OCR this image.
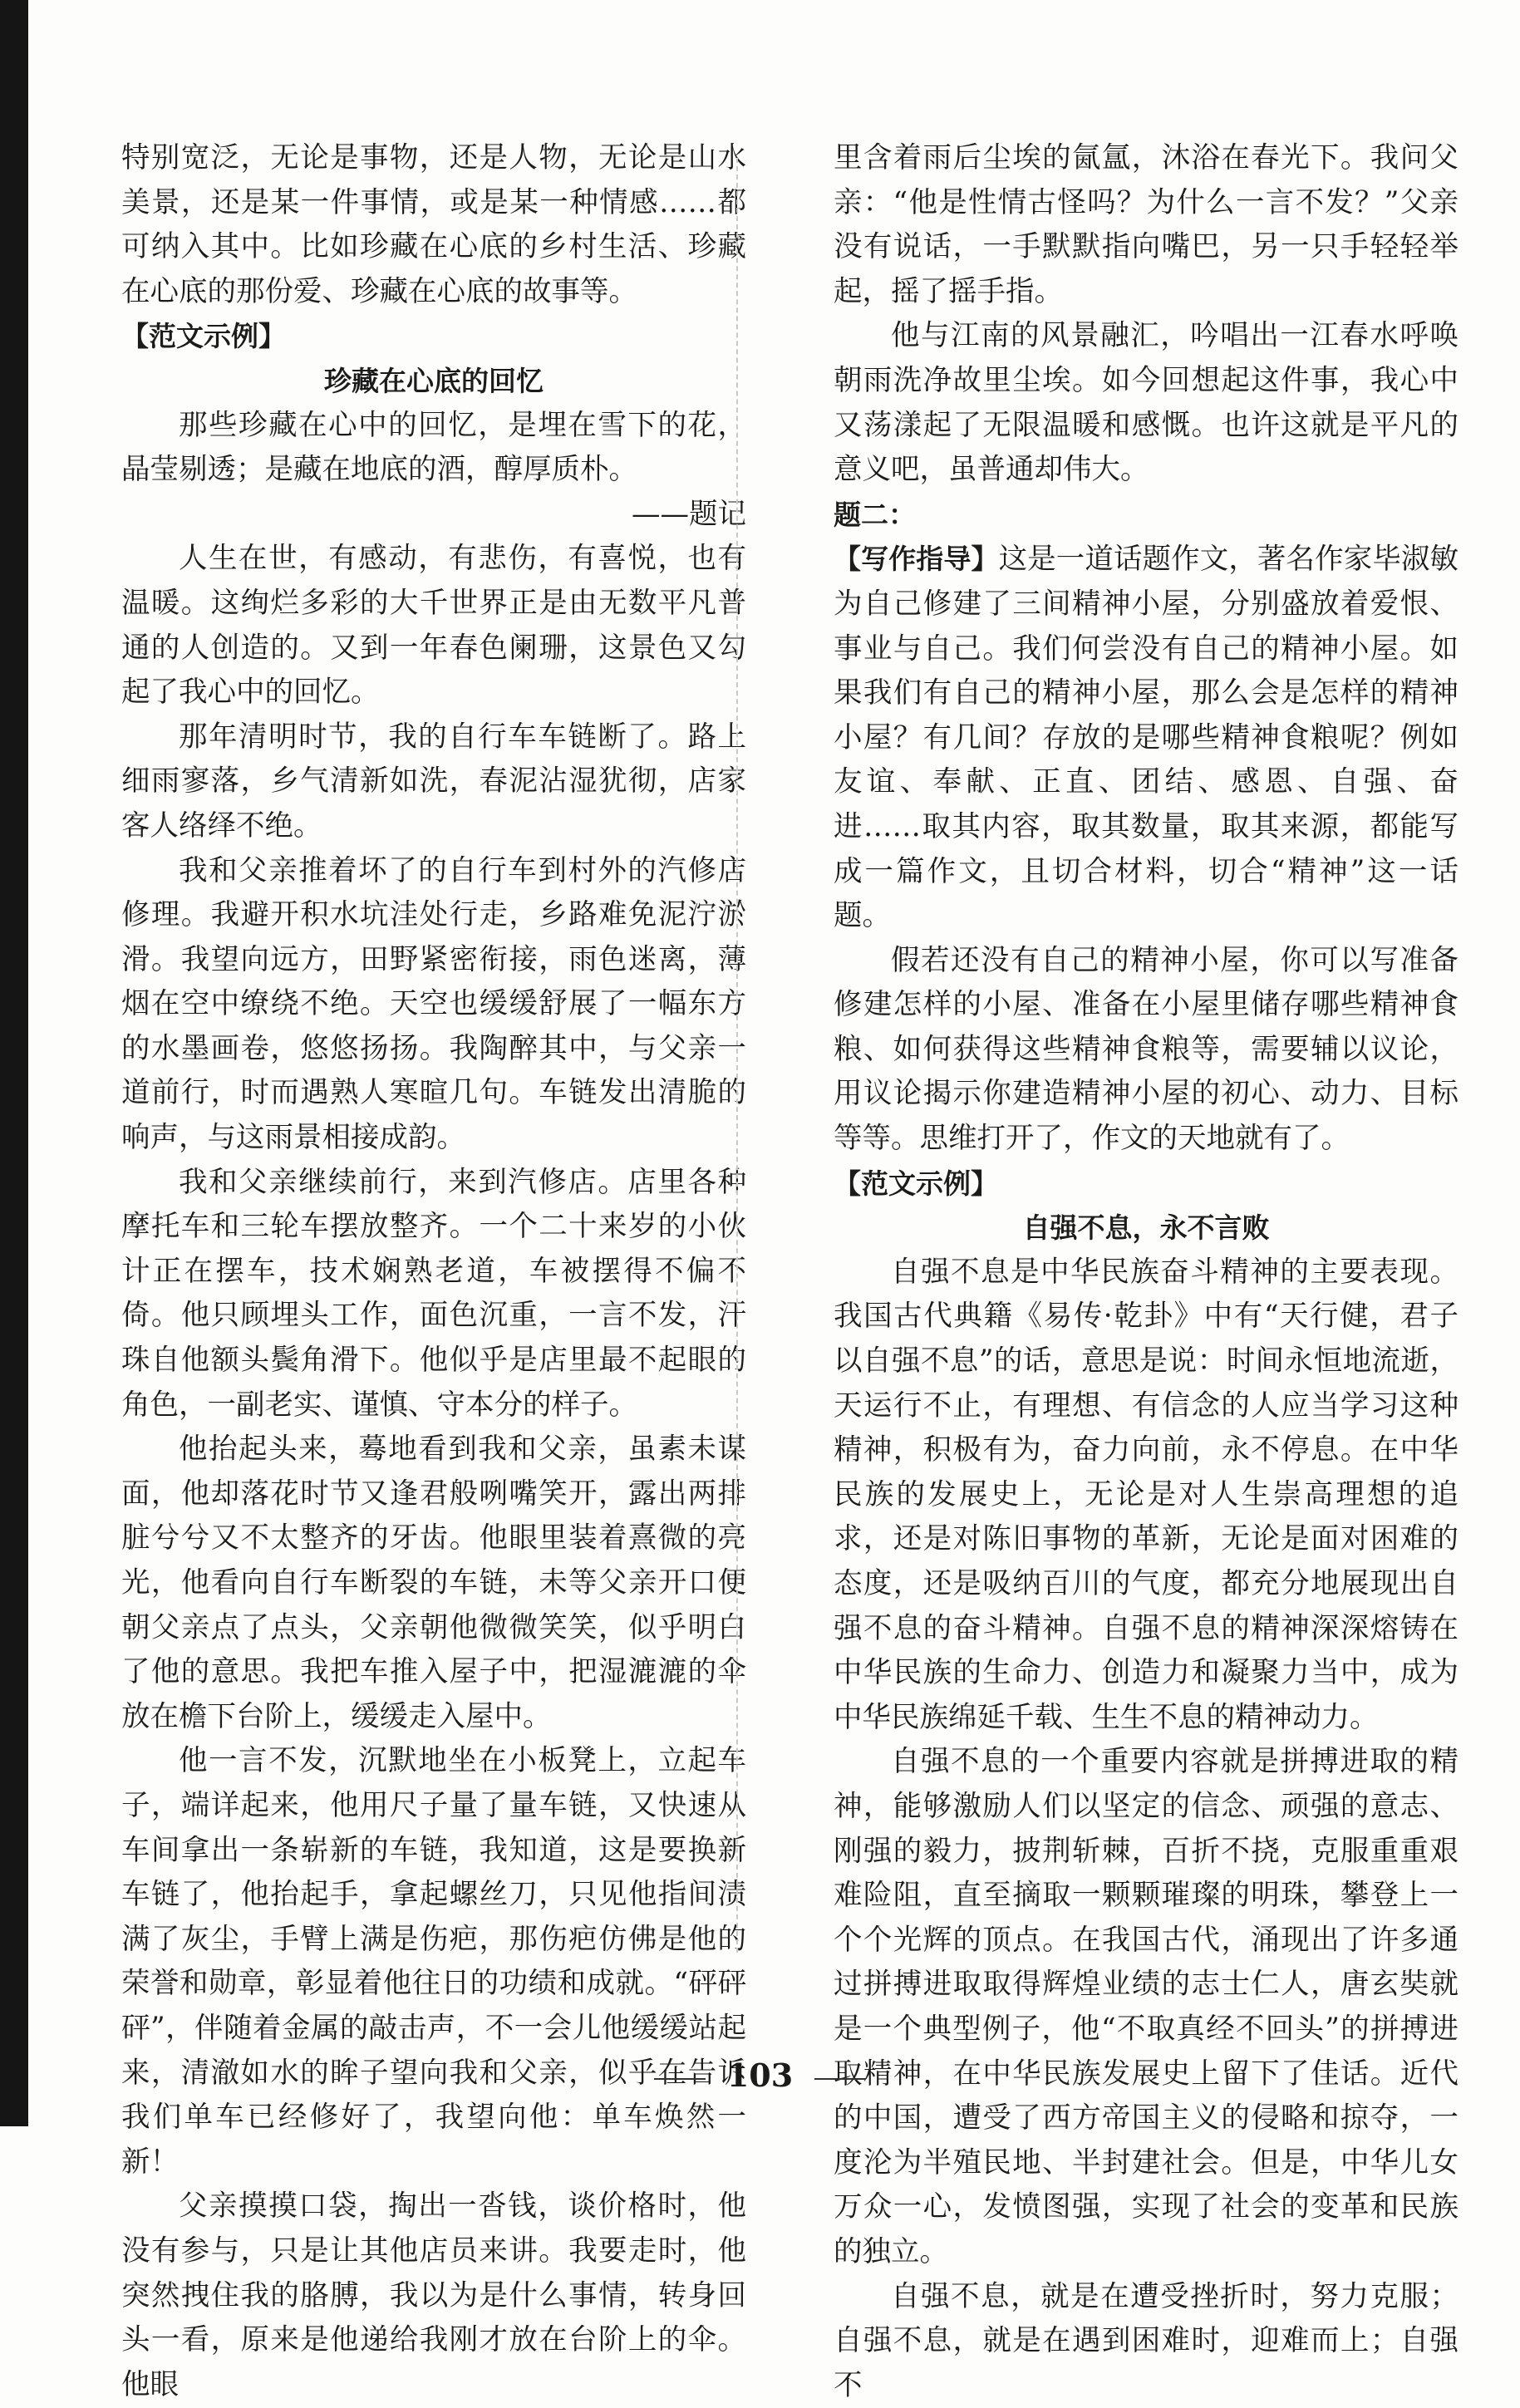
特别宽泛，无论是事物，还是人物，无论是山水美景，还是某一件事情，或是某一种情感……都可纳入其中。比如珍藏在心底的乡村生活、珍藏在心底的那份爱、珍藏在心底的故事等。

【范文示例】

珍藏在心底的回忆

那些珍藏在心中的回忆，是埋在雪下的花，晶莹剔透；是藏在地底的酒，醇厚质朴。

——题记

人生在世，有感动，有悲伤，有喜悦，也有温暖。这绚烂多彩的大千世界正是由无数平凡普通的人创造的。又到一年春色阑珊，这景色又勾起了我心中的回忆。

那年清明时节，我的自行车车链断了。路上细雨寥落，乡气清新如洗，春泥沾湿犹彻，店家客人络绎不绝。

我和父亲推着坏了的自行车到村外的汽修店修理。我避开积水坑洼处行走，乡路难免泥泞淤滑。我望向远方，田野紧密衔接，雨色迷离，薄烟在空中缭绕不绝。天空也缓缓舒展了一幅东方的水墨画卷，悠悠扬扬。我陶醉其中，与父亲一道前行，时而遇熟人寒暄几句。车链发出清脆的响声，与这雨景相接成韵。

我和父亲继续前行，来到汽修店。店里各种摩托车和三轮车摆放整齐。一个二十来岁的小伙计正在摆车，技术娴熟老道，车被摆得不偏不倚。他只顾埋头工作，面色沉重，一言不发，汗珠自他额头鬓角滑下。他似乎是店里最不起眼的角色，一副老实、谨慎、守本分的样子。

他抬起头来，蓦地看到我和父亲，虽素未谋面，他却落花时节又逢君般咧嘴笑开，露出两排脏兮兮又不太整齐的牙齿。他眼里装着熹微的亮光，他看向自行车断裂的车链，未等父亲开口便朝父亲点了点头，父亲朝他微微笑笑，似乎明白了他的意思。我把车推入屋子中，把湿漉漉的伞放在檐下台阶上，缓缓走入屋中。

他一言不发，沉默地坐在小板凳上，立起车子，端详起来，他用尺子量了量车链，又快速从车间拿出一条崭新的车链，我知道，这是要换新车链了，他抬起手，拿起螺丝刀，只见他指间渍满了灰尘，手臂上满是伤疤，那伤疤仿佛是他的荣誉和勋章，彰显着他往日的功绩和成就。“砰砰砰”，伴随着金属的敲击声，不一会儿他缓缓站起来，清澈如水的眸子望向我和父亲，似乎在告诉我们单车已经修好了，我望向他：单车焕然一新！

父亲摸摸口袋，掏出一沓钱，谈价格时，他没有参与，只是让其他店员来讲。我要走时，他突然拽住我的胳膊，我以为是什么事情，转身回头一看，原来是他递给我刚才放在台阶上的伞。他眼

里含着雨后尘埃的氤氲，沐浴在春光下。我问父亲：“他是性情古怪吗？为什么一言不发？”父亲没有说话，一手默默指向嘴巴，另一只手轻轻举起，摇了摇手指。

他与江南的风景融汇，吟唱出一江春水呼唤朝雨洗净故里尘埃。如今回想起这件事，我心中又荡漾起了无限温暖和感慨。也许这就是平凡的意义吧，虽普通却伟大。

题二：

【写作指导】这是一道话题作文，著名作家毕淑敏为自己修建了三间精神小屋，分别盛放着爱恨、事业与自己。我们何尝没有自己的精神小屋。如果我们有自己的精神小屋，那么会是怎样的精神小屋？有几间？存放的是哪些精神食粮呢？例如友谊、奉献、正直、团结、感恩、自强、奋进……取其内容，取其数量，取其来源，都能写成一篇作文，且切合材料，切合“精神”这一话题。

假若还没有自己的精神小屋，你可以写准备修建怎样的小屋、准备在小屋里储存哪些精神食粮、如何获得这些精神食粮等，需要辅以议论，用议论揭示你建造精神小屋的初心、动力、目标等等。思维打开了，作文的天地就有了。

【范文示例】

自强不息，永不言败

自强不息是中华民族奋斗精神的主要表现。我国古代典籍《易传·乾卦》中有“天行健，君子以自强不息”的话，意思是说：时间永恒地流逝，天运行不止，有理想、有信念的人应当学习这种精神，积极有为，奋力向前，永不停息。在中华民族的发展史上，无论是对人生崇高理想的追求，还是对陈旧事物的革新，无论是面对困难的态度，还是吸纳百川的气度，都充分地展现出自强不息的奋斗精神。自强不息的精神深深熔铸在中华民族的生命力、创造力和凝聚力当中，成为中华民族绵延千载、生生不息的精神动力。

自强不息的一个重要内容就是拼搏进取的精神，能够激励人们以坚定的信念、顽强的意志、刚强的毅力，披荆斩棘，百折不挠，克服重重艰难险阻，直至摘取一颗颗璀璨的明珠，攀登上一个个光辉的顶点。在我国古代，涌现出了许多通过拼搏进取取得辉煌业绩的志士仁人，唐玄奘就是一个典型例子，他“不取真经不回头”的拼搏进取精神，在中华民族发展史上留下了佳话。近代的中国，遭受了西方帝国主义的侵略和掠夺，一度沦为半殖民地、半封建社会。但是，中华儿女万众一心，发愤图强，实现了社会的变革和民族的独立。

自强不息，就是在遭受挫折时，努力克服；自强不息，就是在遇到困难时，迎难而上；自强不

103
